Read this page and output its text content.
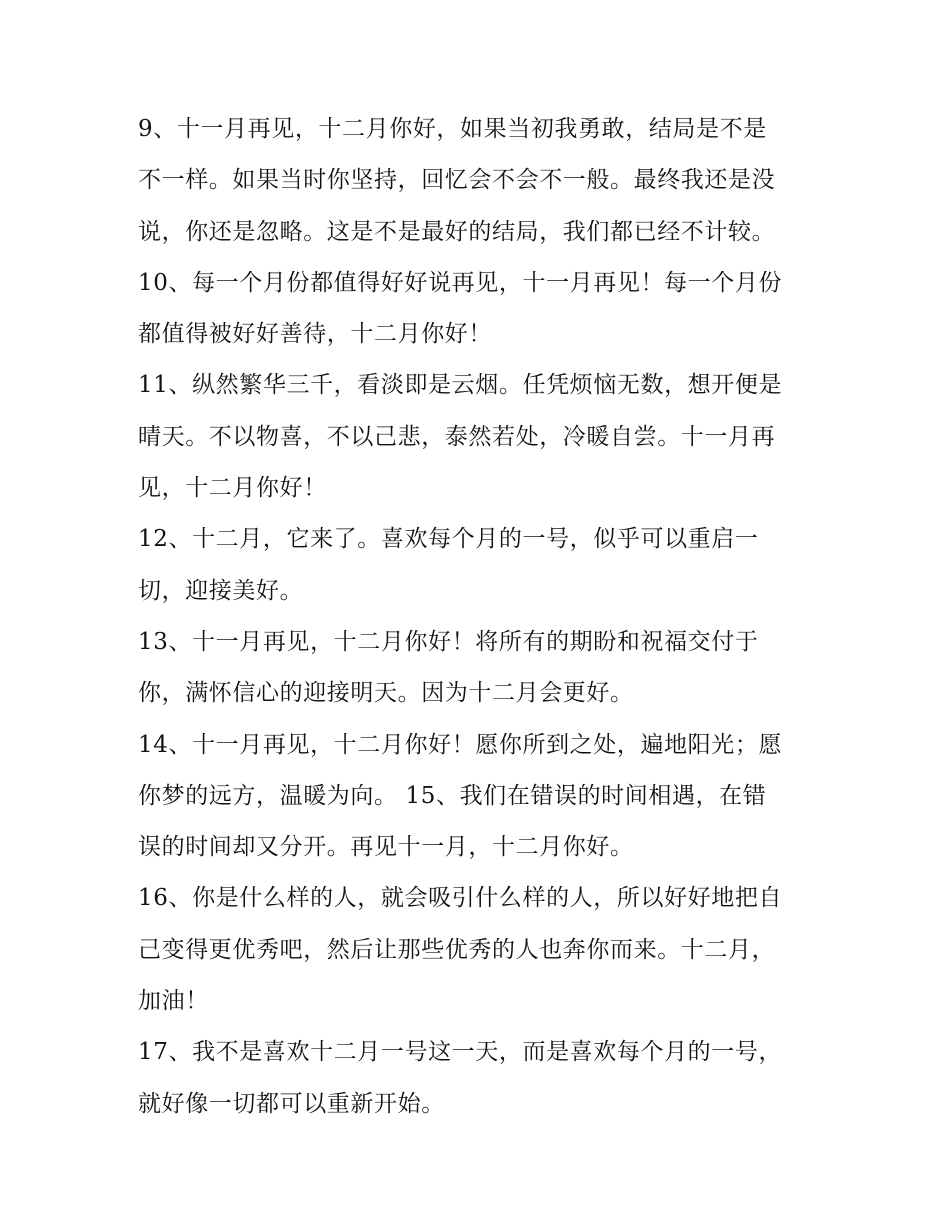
9、十一月再见，十二月你好，如果当初我勇敢，结局是不是
不一样。如果当时你坚持，回忆会不会不一般。最终我还是没
说，你还是忽略。这是不是最好的结局，我们都已经不计较。
10、每一个月份都值得好好说再见，十一月再见！每一个月份
都值得被好好善待，十二月你好！
11、纵然繁华三千，看淡即是云烟。任凭烦恼无数，想开便是
晴天。不以物喜，不以己悲，泰然若处，冷暖自尝。十一月再
见，十二月你好！
12、十二月，它来了。喜欢每个月的一号，似乎可以重启一
切，迎接美好。
13、十一月再见，十二月你好！将所有的期盼和祝福交付于
你，满怀信心的迎接明天。因为十二月会更好。
14、十一月再见，十二月你好！愿你所到之处，遍地阳光；愿
你梦的远方，温暖为向。 15、我们在错误的时间相遇，在错
误的时间却又分开。再见十一月，十二月你好。
16、你是什么样的人，就会吸引什么样的人，所以好好地把自
己变得更优秀吧，然后让那些优秀的人也奔你而来。十二月，
加油！
17、我不是喜欢十二月一号这一天，而是喜欢每个月的一号，
就好像一切都可以重新开始。
